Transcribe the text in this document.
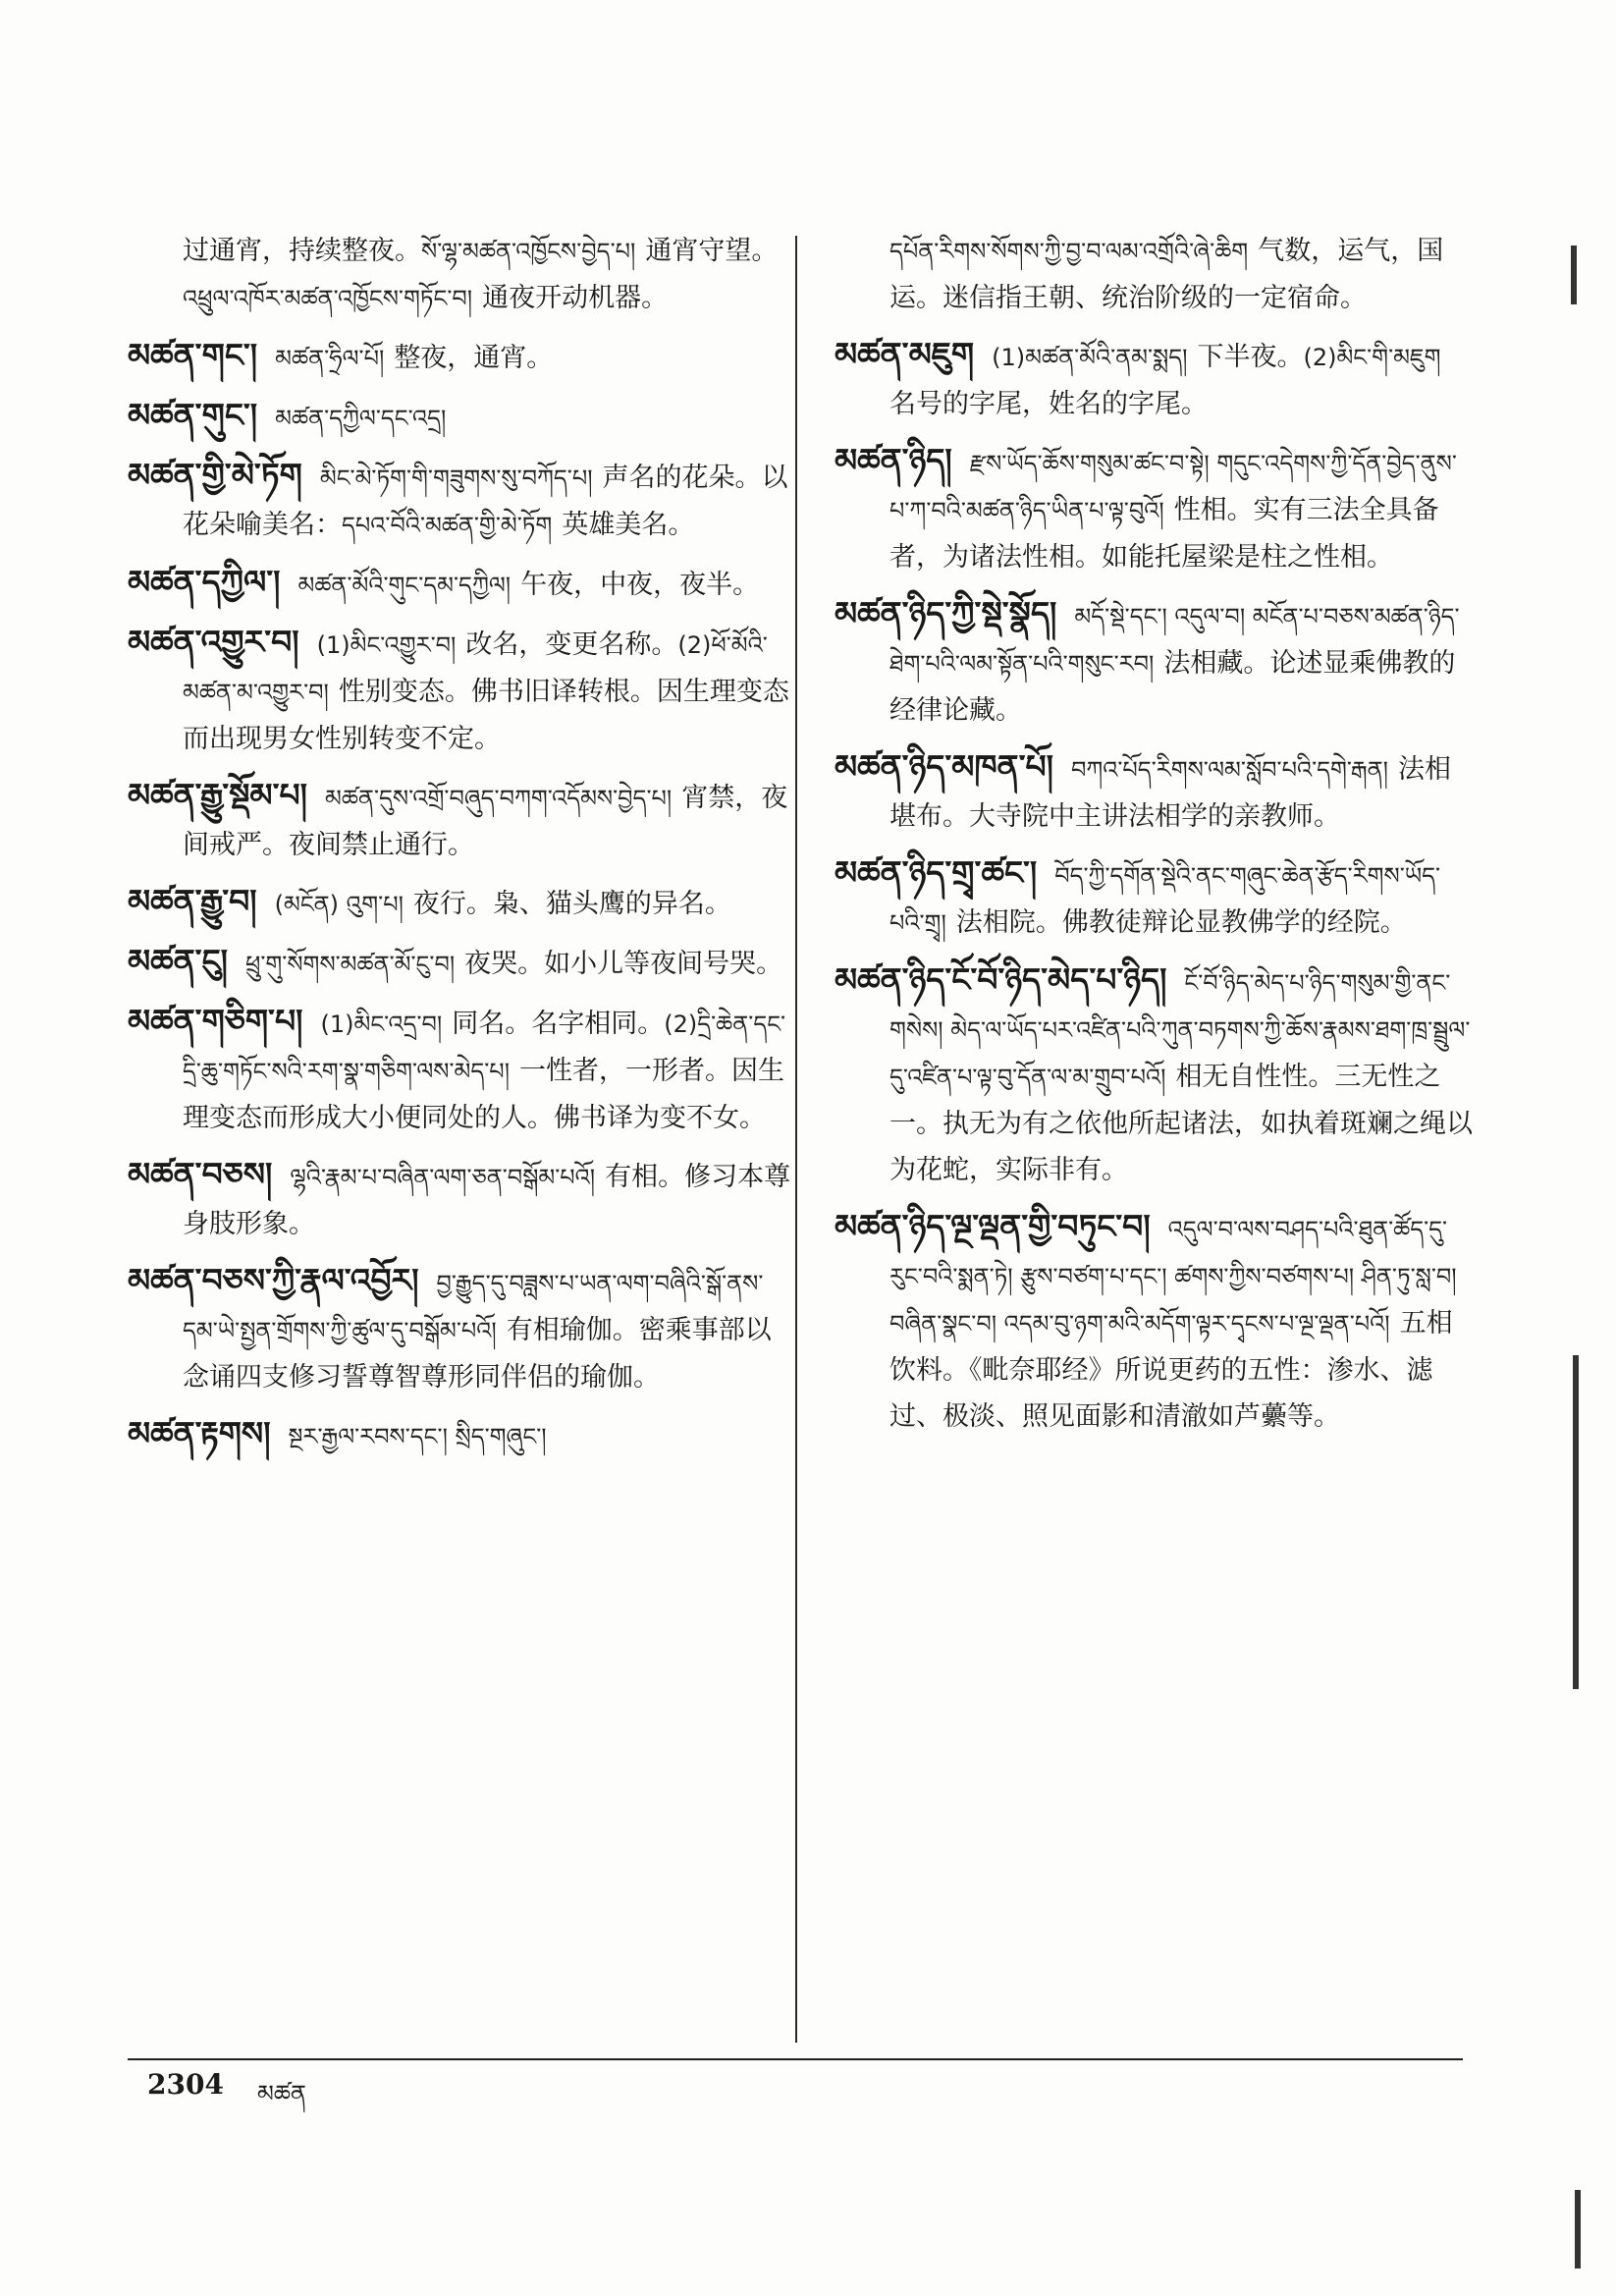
过通宵，持续整夜。སོ་ལྷ་མཚན་འཁྱོངས་བྱེད་པ། 通宵守望。འཕྲུལ་འཁོར་མཚན་འཁྱོངས་གཏོང་བ། 通夜开动机器。

མཚན་གང་། མཚན་ཧྲིལ་པོ། 整夜，通宵。

མཚན་གུང་། མཚན་དཀྱིལ་དང་འདྲ།

མཚན་གྱི་མེ་ཏོག མིང་མེ་ཏོག་གི་གཟུགས་སུ་བཀོད་པ། 声名的花朵。以花朵喻美名：དཔའ་བོའི་མཚན་གྱི་མེ་ཏོག 英雄美名。

མཚན་དཀྱིལ་། མཚན་མོའི་གུང་དམ་དཀྱིལ། 午夜，中夜，夜半。

མཚན་འགྱུར་བ། (1)མིང་འགྱུར་བ། 改名，变更名称。(2)ཕོ་མོའི་མཚན་མ་འགྱུར་བ། 性别变态。佛书旧译转根。因生理变态而出现男女性别转变不定。

མཚན་རྒྱུ་སྡོམ་པ། མཚན་དུས་འགྲོ་བཞུད་བཀག་འདོམས་བྱེད་པ། 宵禁，夜间戒严。夜间禁止通行。

མཚན་རྒྱུ་བ། (མངོན) འུག་པ། 夜行。枭、猫头鹰的异名。

མཚན་ངུ། ཕྲུ་གུ་སོགས་མཚན་མོ་ངུ་བ། 夜哭。如小儿等夜间号哭。

མཚན་གཅིག་པ། (1)མིང་འདྲ་བ། 同名。名字相同。(2)དྲི་ཆེན་དང་དྲི་ཆུ་གཏོང་སའི་རག་སྣ་གཅིག་ལས་མེད་པ། 一性者，一形者。因生理变态而形成大小便同处的人。佛书译为变不女。

མཚན་བཅས། ལྷའི་རྣམ་པ་བཞིན་ལག་ཅན་བསྒོམ་པའོ། 有相。修习本尊身肢形象。

མཚན་བཅས་ཀྱི་རྣལ་འབྱོར། བྱ་རྒྱུད་དུ་བཟླས་པ་ཡན་ལག་བཞིའི་སྒོ་ནས་དམ་ཡེ་སྤྱན་གྲོགས་ཀྱི་ཚུལ་དུ་བསྒོམ་པའོ། 有相瑜伽。密乘事部以念诵四支修习誓尊智尊形同伴侣的瑜伽。

མཚན་རྟགས། སྔར་རྒྱལ་རབས་དང་། སྲིད་གཞུང་།

དཔོན་རིགས་སོགས་ཀྱི་བྱ་བ་ལམ་འགྲོའི་ཞེ་ཆིག 气数，运气，国运。迷信指王朝、统治阶级的一定宿命。

མཚན་མཇུག (1)མཚན་མོའི་ནམ་སྨད། 下半夜。(2)མིང་གི་མཇུག名号的字尾，姓名的字尾。

མཚན་ཉིད། རྫས་ཡོད་ཆོས་གསུམ་ཚང་བ་སྟེ། གདུང་འདེགས་ཀྱི་དོན་བྱེད་ནུས་པ་ཀ་བའི་མཚན་ཉིད་ཡིན་པ་ལྟ་བུའོ། 性相。实有三法全具备者，为诸法性相。如能托屋梁是柱之性相。

མཚན་ཉིད་ཀྱི་སྡེ་སྣོད། མདོ་སྡེ་དང་། འདུལ་བ། མངོན་པ་བཅས་མཚན་ཉིད་ཐེག་པའི་ལམ་སྟོན་པའི་གསུང་རབ། 法相藏。论述显乘佛教的经律论藏。

མཚན་ཉིད་མཁན་པོ། བཀའ་པོད་རིགས་ལམ་སློབ་པའི་དགེ་རྒན། 法相堪布。大寺院中主讲法相学的亲教师。

མཚན་ཉིད་གྲྭ་ཚང་། བོད་ཀྱི་དགོན་སྡེའི་ནང་གཞུང་ཆེན་རྩོད་རིགས་ཡོད་པའི་གྲྭ། 法相院。佛教徒辩论显教佛学的经院。

མཚན་ཉིད་ངོ་བོ་ཉིད་མེད་པ་ཉིད། ངོ་བོ་ཉིད་མེད་པ་ཉིད་གསུམ་གྱི་ནང་གསེས། མེད་ལ་ཡོད་པར་འཛིན་པའི་ཀུན་བཏགས་ཀྱི་ཆོས་རྣམས་ཐག་ཁྲ་སྦྲུལ་དུ་འཛིན་པ་ལྟ་བུ་དོན་ལ་མ་གྲུབ་པའོ། 相无自性性。三无性之一。执无为有之依他所起诸法，如执着斑斓之绳以为花蛇，实际非有。

མཚན་ཉིད་ལྔ་ལྡན་གྱི་བཏུང་བ། འདུལ་བ་ལས་བཤད་པའི་ཐུན་ཚོད་དུ་རུང་བའི་སྨན་ཏེ། རྩུས་བཙག་པ་དང་། ཚགས་ཀྱིས་བཙགས་པ། ཤིན་ཏུ་སླ་བ། བཞིན་སྣང་བ། འདམ་བུ་ཉག་མའི་མདོག་ལྟར་དྭངས་པ་ལྔ་ལྡན་པའོ། 五相饮料。《毗奈耶经》所说更药的五性：渗水、滤过、极淡、照见面影和清澈如芦虆等。

2304 མཚན
